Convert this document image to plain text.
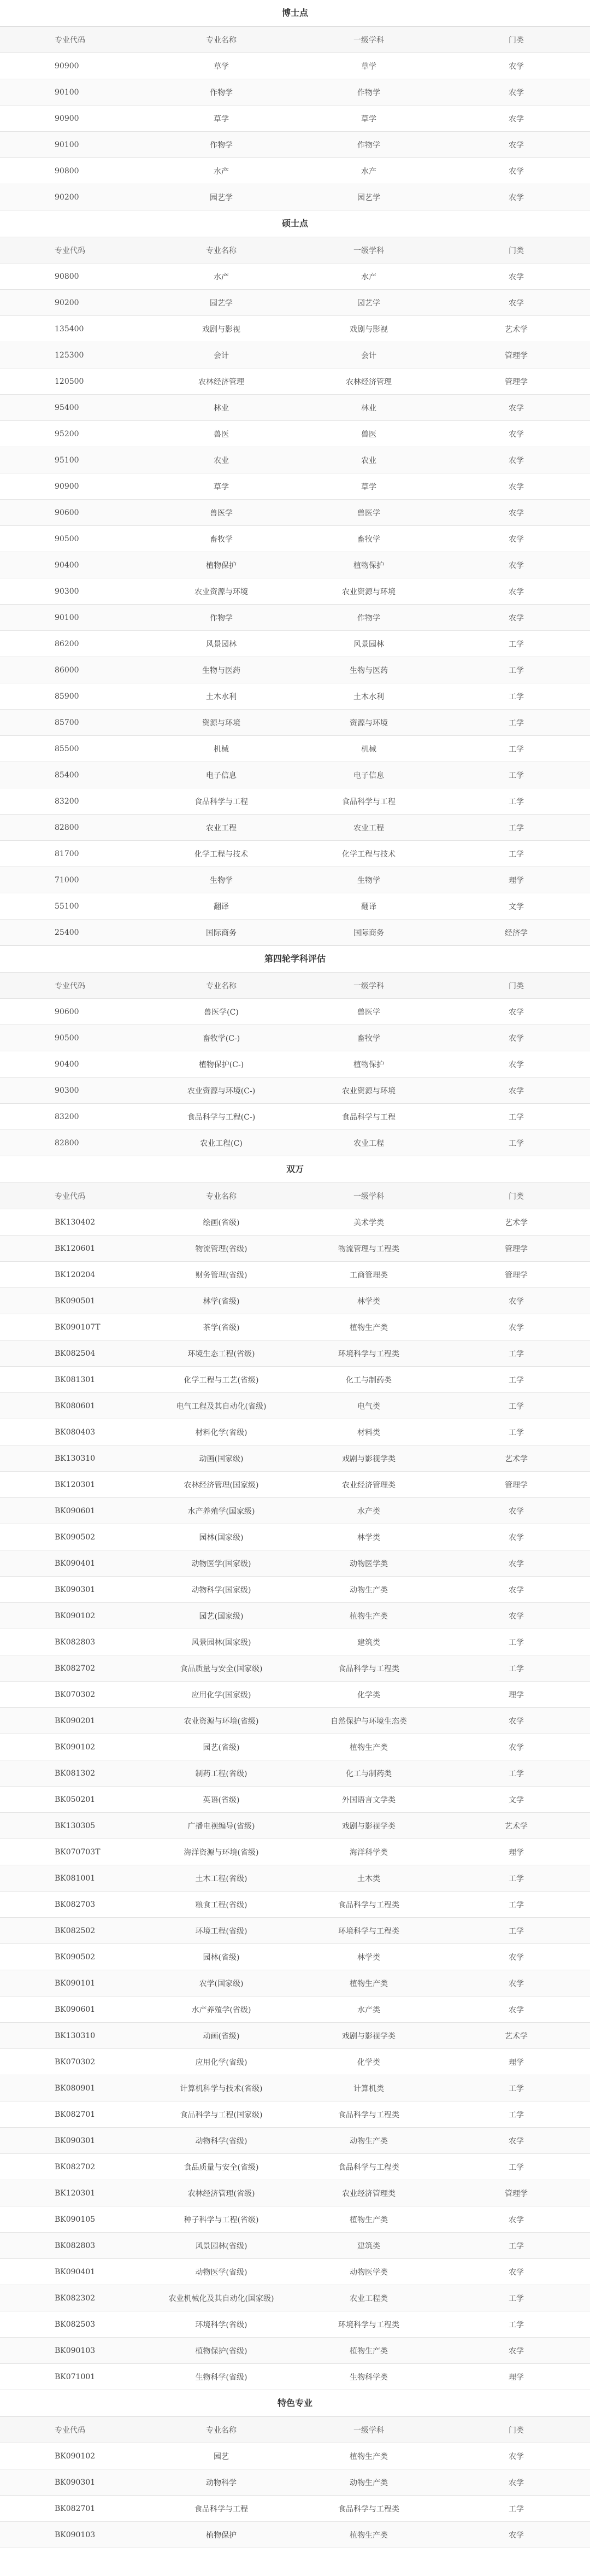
博士点
专业代码	专业名称	一级学科	门类
90900	草学	草学	农学
90100	作物学	作物学	农学
90900	草学	草学	农学
90100	作物学	作物学	农学
90800	水产	水产	农学
90200	园艺学	园艺学	农学
硕士点
专业代码	专业名称	一级学科	门类
90800	水产	水产	农学
90200	园艺学	园艺学	农学
135400	戏剧与影视	戏剧与影视	艺术学
125300	会计	会计	管理学
120500	农林经济管理	农林经济管理	管理学
95400	林业	林业	农学
95200	兽医	兽医	农学
95100	农业	农业	农学
90900	草学	草学	农学
90600	兽医学	兽医学	农学
90500	畜牧学	畜牧学	农学
90400	植物保护	植物保护	农学
90300	农业资源与环境	农业资源与环境	农学
90100	作物学	作物学	农学
86200	风景园林	风景园林	工学
86000	生物与医药	生物与医药	工学
85900	土木水利	土木水利	工学
85700	资源与环境	资源与环境	工学
85500	机械	机械	工学
85400	电子信息	电子信息	工学
83200	食品科学与工程	食品科学与工程	工学
82800	农业工程	农业工程	工学
81700	化学工程与技术	化学工程与技术	工学
71000	生物学	生物学	理学
55100	翻译	翻译	文学
25400	国际商务	国际商务	经济学
第四轮学科评估
专业代码	专业名称	一级学科	门类
90600	兽医学(C)	兽医学	农学
90500	畜牧学(C-)	畜牧学	农学
90400	植物保护(C-)	植物保护	农学
90300	农业资源与环境(C-)	农业资源与环境	农学
83200	食品科学与工程(C-)	食品科学与工程	工学
82800	农业工程(C)	农业工程	工学
双万
专业代码	专业名称	一级学科	门类
BK130402	绘画(省级)	美术学类	艺术学
BK120601	物流管理(省级)	物流管理与工程类	管理学
BK120204	财务管理(省级)	工商管理类	管理学
BK090501	林学(省级)	林学类	农学
BK090107T	茶学(省级)	植物生产类	农学
BK082504	环境生态工程(省级)	环境科学与工程类	工学
BK081301	化学工程与工艺(省级)	化工与制药类	工学
BK080601	电气工程及其自动化(省级)	电气类	工学
BK080403	材料化学(省级)	材料类	工学
BK130310	动画(国家级)	戏剧与影视学类	艺术学
BK120301	农林经济管理(国家级)	农业经济管理类	管理学
BK090601	水产养殖学(国家级)	水产类	农学
BK090502	园林(国家级)	林学类	农学
BK090401	动物医学(国家级)	动物医学类	农学
BK090301	动物科学(国家级)	动物生产类	农学
BK090102	园艺(国家级)	植物生产类	农学
BK082803	风景园林(国家级)	建筑类	工学
BK082702	食品质量与安全(国家级)	食品科学与工程类	工学
BK070302	应用化学(国家级)	化学类	理学
BK090201	农业资源与环境(省级)	自然保护与环境生态类	农学
BK090102	园艺(省级)	植物生产类	农学
BK081302	制药工程(省级)	化工与制药类	工学
BK050201	英语(省级)	外国语言文学类	文学
BK130305	广播电视编导(省级)	戏剧与影视学类	艺术学
BK070703T	海洋资源与环境(省级)	海洋科学类	理学
BK081001	土木工程(省级)	土木类	工学
BK082703	粮食工程(省级)	食品科学与工程类	工学
BK082502	环境工程(省级)	环境科学与工程类	工学
BK090502	园林(省级)	林学类	农学
BK090101	农学(国家级)	植物生产类	农学
BK090601	水产养殖学(省级)	水产类	农学
BK130310	动画(省级)	戏剧与影视学类	艺术学
BK070302	应用化学(省级)	化学类	理学
BK080901	计算机科学与技术(省级)	计算机类	工学
BK082701	食品科学与工程(国家级)	食品科学与工程类	工学
BK090301	动物科学(省级)	动物生产类	农学
BK082702	食品质量与安全(省级)	食品科学与工程类	工学
BK120301	农林经济管理(省级)	农业经济管理类	管理学
BK090105	种子科学与工程(省级)	植物生产类	农学
BK082803	风景园林(省级)	建筑类	工学
BK090401	动物医学(省级)	动物医学类	农学
BK082302	农业机械化及其自动化(国家级)	农业工程类	工学
BK082503	环境科学(省级)	环境科学与工程类	工学
BK090103	植物保护(省级)	植物生产类	农学
BK071001	生物科学(省级)	生物科学类	理学
特色专业
专业代码	专业名称	一级学科	门类
BK090102	园艺	植物生产类	农学
BK090301	动物科学	动物生产类	农学
BK082701	食品科学与工程	食品科学与工程类	工学
BK090103	植物保护	植物生产类	农学
